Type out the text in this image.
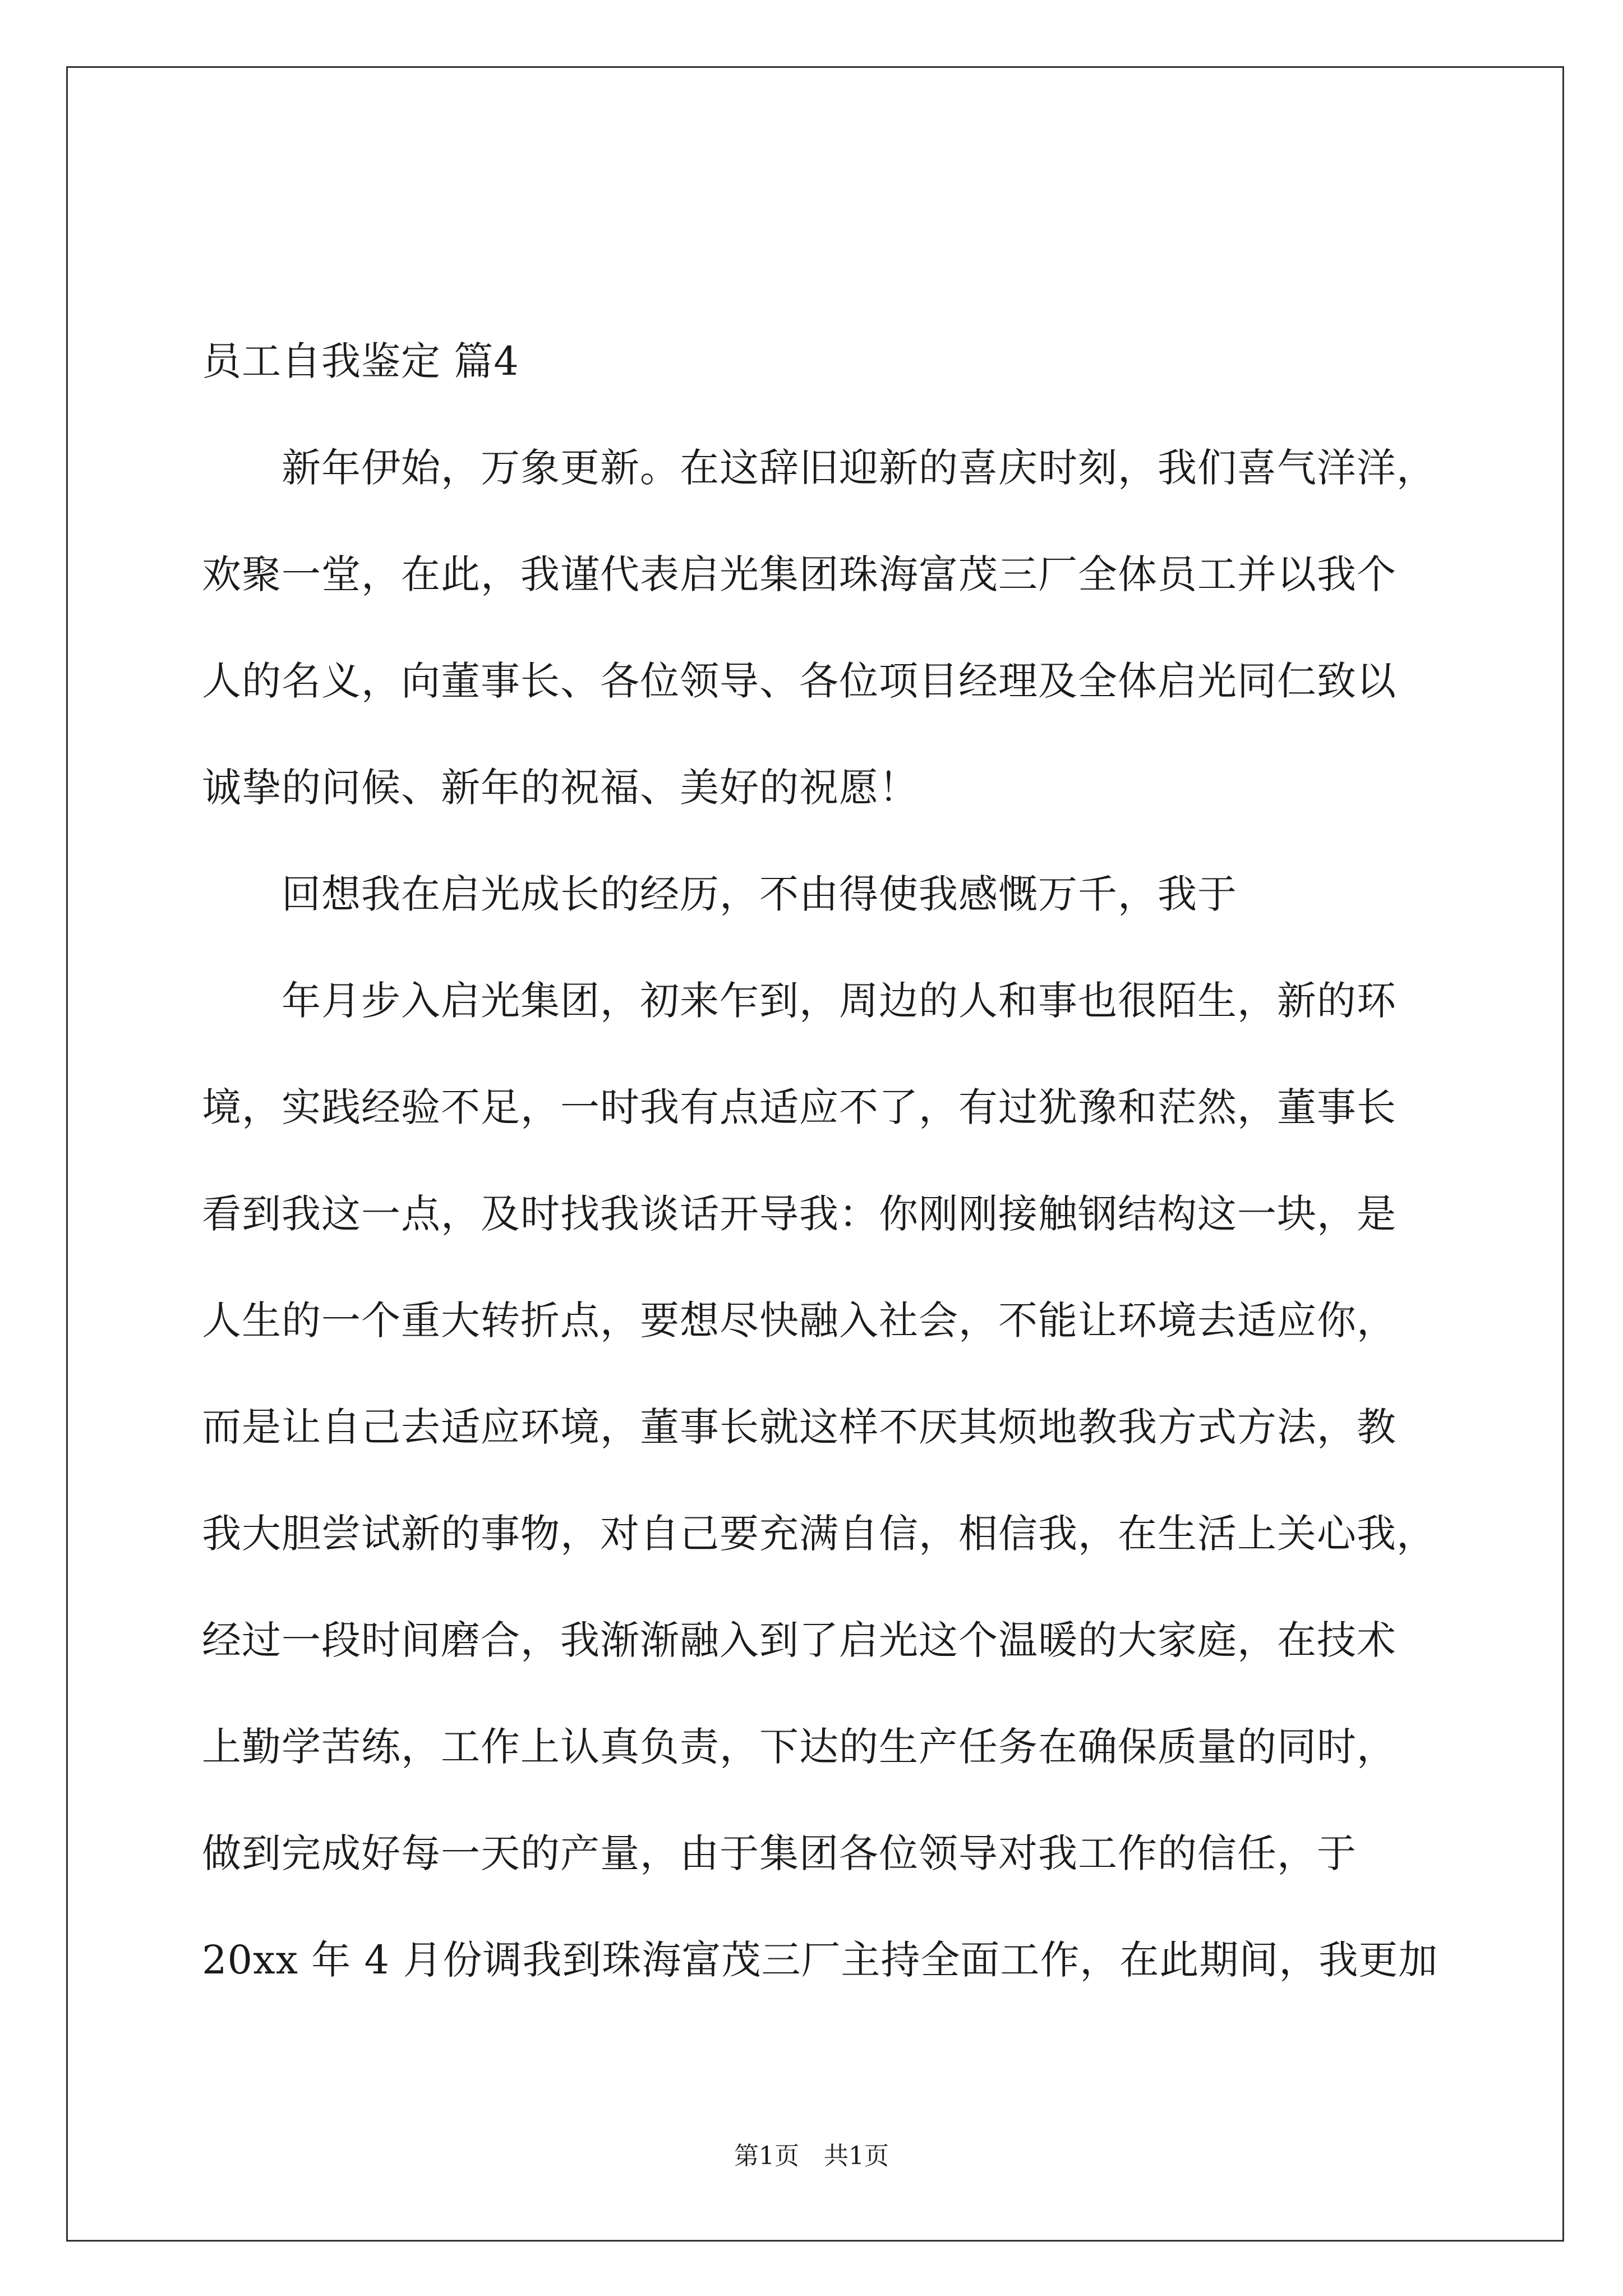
员工自我鉴定 篇4
新年伊始，万象更新。在这辞旧迎新的喜庆时刻，我们喜气洋洋，
欢聚一堂，在此，我谨代表启光集团珠海富茂三厂全体员工并以我个
人的名义，向董事长、各位领导、各位项目经理及全体启光同仁致以
诚挚的问候、新年的祝福、美好的祝愿！
回想我在启光成长的经历，不由得使我感慨万千，我于
年月步入启光集团，初来乍到，周边的人和事也很陌生，新的环
境，实践经验不足，一时我有点适应不了，有过犹豫和茫然，董事长
看到我这一点，及时找我谈话开导我：你刚刚接触钢结构这一块，是
人生的一个重大转折点，要想尽快融入社会，不能让环境去适应你，
而是让自己去适应环境，董事长就这样不厌其烦地教我方式方法，教
我大胆尝试新的事物，对自己要充满自信，相信我，在生活上关心我，
经过一段时间磨合，我渐渐融入到了启光这个温暖的大家庭，在技术
上勤学苦练，工作上认真负责，下达的生产任务在确保质量的同时，
做到完成好每一天的产量，由于集团各位领导对我工作的信任，于
20xx 年 4 月份调我到珠海富茂三厂主持全面工作，在此期间，我更加
第1页　共1页
